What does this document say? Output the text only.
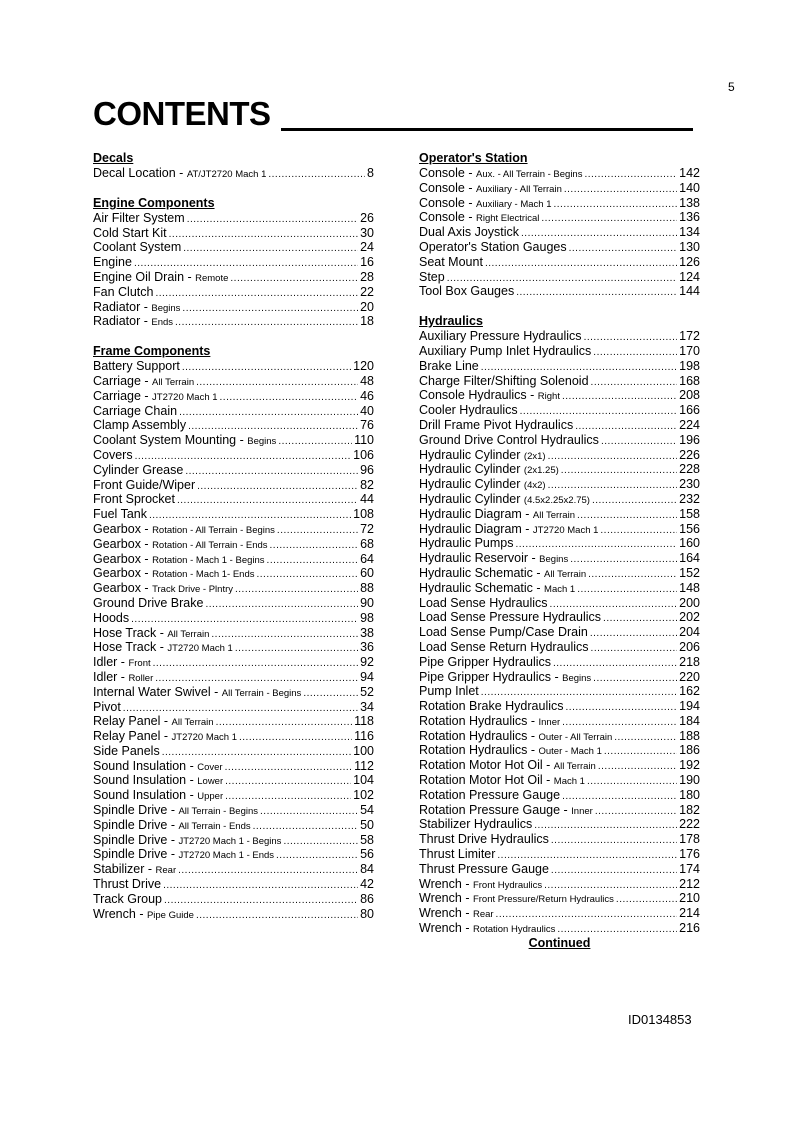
5
CONTENTS
Decals
Decal Location - AT/JT2720 Mach 1 .....	8
Engine Components
Air Filter System .....	26
Cold Start Kit .....	30
Coolant System .....	24
Engine .....	16
Engine Oil Drain - Remote .....	28
Fan Clutch .....	22
Radiator - Begins .....	20
Radiator - Ends .....	18
Frame Components
Battery Support .....	120
Carriage - All Terrain .....	48
Carriage - JT2720 Mach 1 .....	46
Carriage Chain .....	40
Clamp Assembly .....	76
Coolant System Mounting - Begins .....	110
Covers .....	106
Cylinder Grease .....	96
Front Guide/Wiper .....	82
Front Sprocket .....	44
Fuel Tank .....	108
Gearbox - Rotation - All Terrain - Begins .....	72
Gearbox - Rotation - All Terrain - Ends .....	68
Gearbox - Rotation - Mach 1 - Begins .....	64
Gearbox - Rotation - Mach 1- Ends .....	60
Gearbox - Track Drive - Plntry .....	88
Ground Drive Brake .....	90
Hoods .....	98
Hose Track - All Terrain .....	38
Hose Track - JT2720 Mach 1 .....	36
Idler - Front .....	92
Idler - Roller .....	94
Internal Water Swivel - All Terrain - Begins .....	52
Pivot .....	34
Relay Panel - All Terrain .....	118
Relay Panel - JT2720 Mach 1 .....	116
Side Panels .....	100
Sound Insulation - Cover .....	112
Sound Insulation - Lower .....	104
Sound Insulation - Upper .....	102
Spindle Drive - All Terrain - Begins .....	54
Spindle Drive - All Terrain - Ends .....	50
Spindle Drive - JT2720 Mach 1 - Begins .....	58
Spindle Drive - JT2720 Mach 1 - Ends .....	56
Stabilizer - Rear .....	84
Thrust Drive .....	42
Track Group .....	86
Wrench - Pipe Guide .....	80
Operator's Station
Console - Aux. - All Terrain - Begins .....	142
Console - Auxiliary - All Terrain .....	140
Console - Auxiliary - Mach 1 .....	138
Console - Right Electrical .....	136
Dual Axis Joystick .....	134
Operator's Station Gauges .....	130
Seat Mount .....	126
Step .....	124
Tool Box Gauges .....	144
Hydraulics
Auxiliary Pressure Hydraulics .....	172
Auxiliary Pump Inlet Hydraulics .....	170
Brake Line .....	198
Charge Filter/Shifting Solenoid .....	168
Console Hydraulics - Right .....	208
Cooler Hydraulics .....	166
Drill Frame Pivot Hydraulics .....	224
Ground Drive Control Hydraulics .....	196
Hydraulic Cylinder (2x1) .....	226
Hydraulic Cylinder (2x1.25) .....	228
Hydraulic Cylinder (4x2) .....	230
Hydraulic Cylinder (4.5x2.25x2.75) .....	232
Hydraulic Diagram - All Terrain .....	158
Hydraulic Diagram - JT2720 Mach 1 .....	156
Hydraulic Pumps .....	160
Hydraulic Reservoir - Begins .....	164
Hydraulic Schematic - All Terrain .....	152
Hydraulic Schematic - Mach 1 .....	148
Load Sense Hydraulics .....	200
Load Sense Pressure Hydraulics .....	202
Load Sense Pump/Case Drain .....	204
Load Sense Return Hydraulics .....	206
Pipe Gripper Hydraulics .....	218
Pipe Gripper Hydraulics - Begins .....	220
Pump Inlet .....	162
Rotation Brake Hydraulics .....	194
Rotation Hydraulics - Inner .....	184
Rotation Hydraulics - Outer - All Terrain .....	188
Rotation Hydraulics - Outer - Mach 1 .....	186
Rotation Motor Hot Oil - All Terrain .....	192
Rotation Motor Hot Oil - Mach 1 .....	190
Rotation Pressure Gauge .....	180
Rotation Pressure Gauge - Inner .....	182
Stabilizer Hydraulics .....	222
Thrust Drive Hydraulics .....	178
Thrust Limiter .....	176
Thrust Pressure Gauge .....	174
Wrench - Front Hydraulics .....	212
Wrench - Front Pressure/Return Hydraulics .....	210
Wrench - Rear .....	214
Wrench - Rotation Hydraulics .....	216
Continued
ID0134853
